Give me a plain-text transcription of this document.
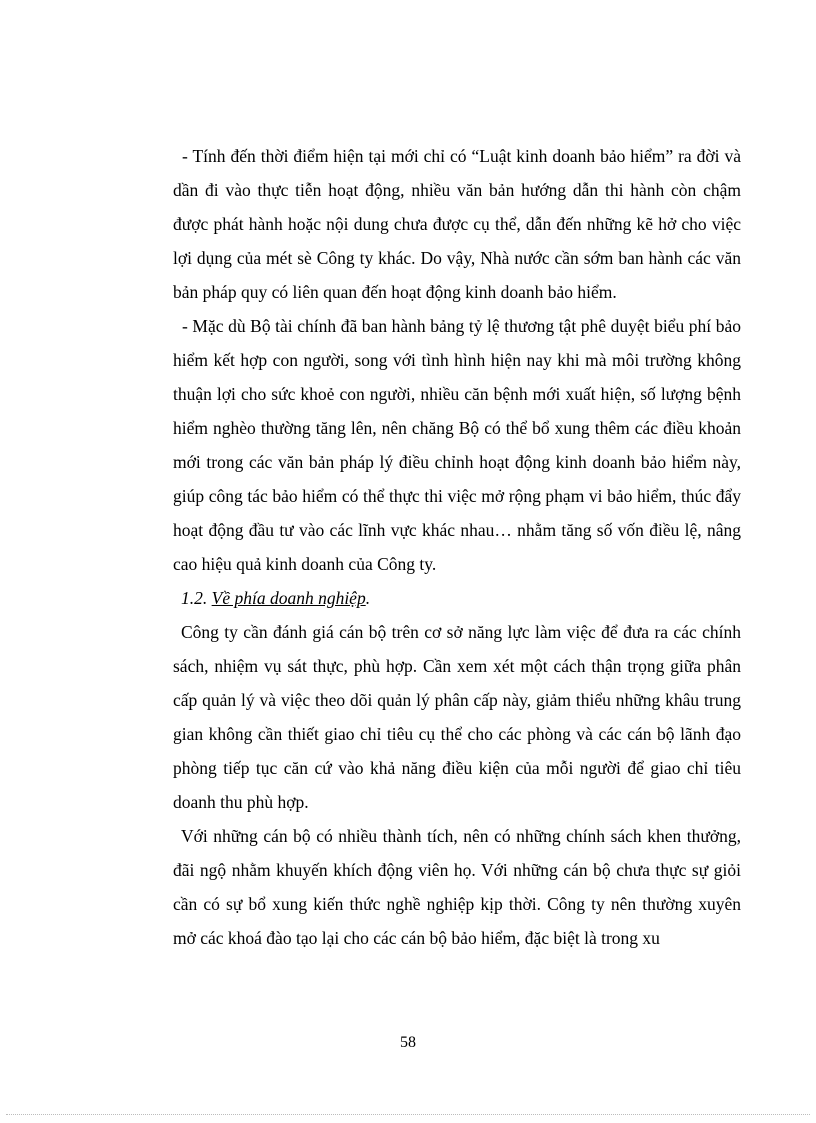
- Tính đến thời điểm hiện tại mới chỉ có “Luật kinh doanh bảo hiểm” ra đời và dần đi vào thực tiễn hoạt động, nhiều văn bản hướng dẫn thi hành còn chậm được phát hành hoặc nội dung chưa được cụ thể, dẫn đến những kẽ hở cho việc lợi dụng của mét sè Công ty khác. Do vậy, Nhà nước cần sớm ban hành các văn bản pháp quy có liên quan đến hoạt động kinh doanh bảo hiểm.

- Mặc dù Bộ tài chính đã ban hành bảng tỷ lệ thương tật phê duyệt biểu phí bảo hiểm kết hợp con người, song với tình hình hiện nay khi mà môi trường không thuận lợi cho sức khoẻ con người, nhiều căn bệnh mới xuất hiện, số lượng bệnh hiểm nghèo thường tăng lên, nên chăng Bộ có thể bổ xung thêm các điều khoản mới trong các văn bản pháp lý điều chỉnh hoạt động kinh doanh bảo hiểm này, giúp công tác bảo hiểm có thể thực thi việc mở rộng phạm vi bảo hiểm, thúc đẩy hoạt động đầu tư vào các lĩnh vực khác nhau… nhằm tăng số vốn điều lệ, nâng cao hiệu quả kinh doanh của Công ty.

1.2. Về phía doanh nghiệp.

Công ty cần đánh giá cán bộ trên cơ sở năng lực làm việc để đưa ra các chính sách, nhiệm vụ sát thực, phù hợp. Cần xem xét một cách thận trọng giữa phân cấp quản lý và việc theo dõi quản lý phân cấp này, giảm thiểu những khâu trung gian không cần thiết giao chỉ tiêu cụ thể cho các phòng và các cán bộ lãnh đạo phòng tiếp tục căn cứ vào khả năng điều kiện của mỗi người để giao chỉ tiêu doanh thu phù hợp.

Với những cán bộ có nhiều thành tích, nên có những chính sách khen thưởng, đãi ngộ nhằm khuyến khích động viên họ. Với những cán bộ chưa thực sự giỏi cần có sự bổ xung kiến thức nghề nghiệp kịp thời. Công ty nên thường xuyên mở các khoá đào tạo lại cho các cán bộ bảo hiểm, đặc biệt là trong xu

58
